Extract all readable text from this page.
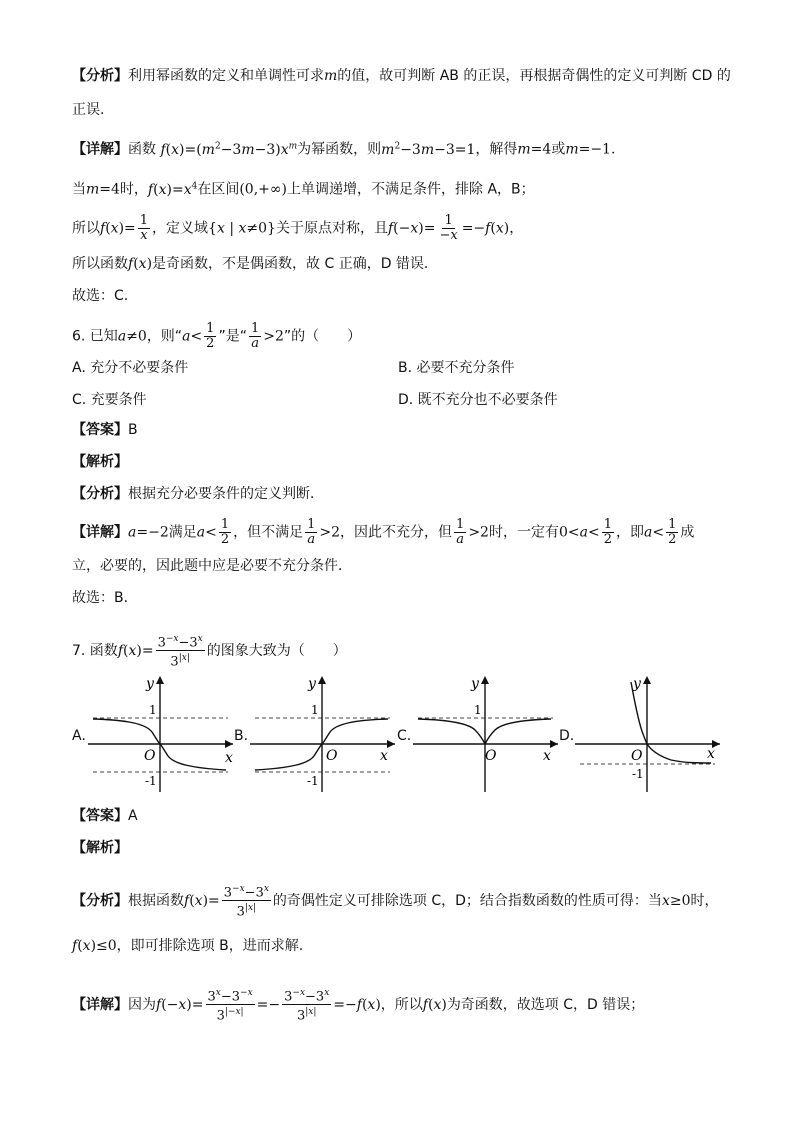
【分析】利用幂函数的定义和单调性可求m的值，故可判断 AB 的正误，再根据奇偶性的定义可判断 CD 的
正误.
【详解】函数 $f(x)=(m^2-3m-3)x^m$为幂函数，则$m^2-3m-3=1$，解得m=4或m=−1.
当m=4时，$f(x)=x^4$在区间(0,+∞)上单调递增，不满足条件，排除 A，B；
所以$f(x)= \frac{1}{x}$ ，定义域{x | x≠0}关于原点对称，且$f(-x)= \frac{1}{-x} =-f(x)$，
所以函数f(x)是奇函数，不是偶函数，故 C 正确，D 错误.
故选：C.
6. 已知a≠0，则“$a< \frac{1}{2}$ ”是“ $\frac{1}{a} >2$”的（　　）
A. 充分不必要条件	B. 必要不充分条件
C. 充要条件	D. 既不充分也不必要条件
【答案】B
【解析】
【分析】根据充分必要条件的定义判断．
【详解】a=−2满足$a< \frac{1}{2}$ ，但不满足 $\frac{1}{a} >2$，因此不充分，但 $\frac{1}{a} >2$时，一定有$0<a< \frac{1}{2}$ ，即$a< \frac{1}{2}$ 成
立，必要的，因此题中应是必要不充分条件．
故选：B．
7. 函数$f(x)= \frac{3^{-x}-3^x}{3^{|x|}}$ 的图象大致为（　　）
A.	B.	C.	D.
y
x
O
1
-1
y
x
O
1
-1
y
x
O
1
y
x
O
-1
【答案】A
【解析】
【分析】根据函数$f(x)= \frac{3^{-x}-3^x}{3^{|x|}}$ 的奇偶性定义可排除选项 C，D；结合指数函数的性质可得：当x≥0时，
f(x)≤0，即可排除选项 B，进而求解.
【详解】因为$f(-x)= \frac{3^x-3^{-x}}{3^{|-x|}} =- \frac{3^{-x}-3^x}{3^{|x|}} =-f(x)$，所以f(x)为奇函数，故选项 C，D 错误；
